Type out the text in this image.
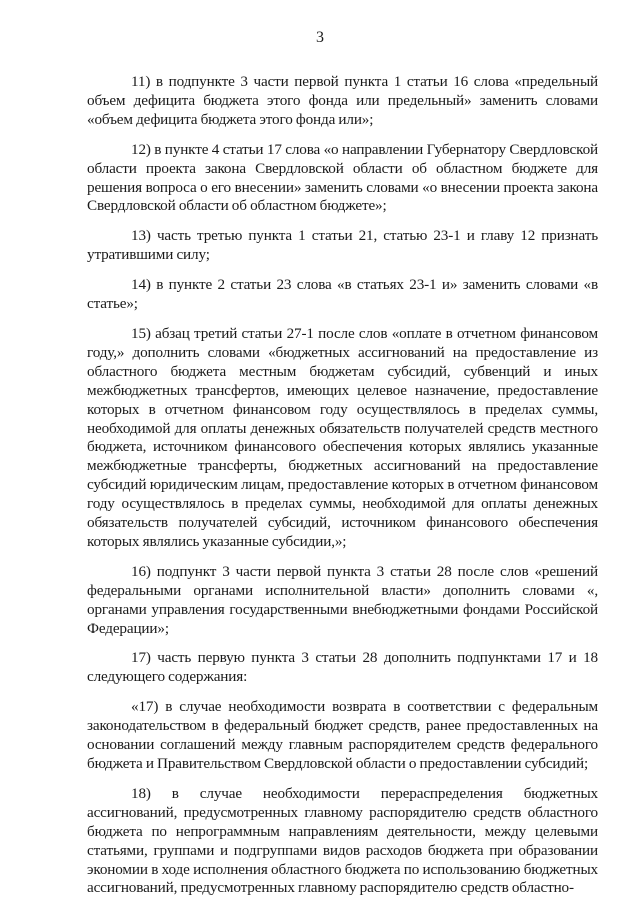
3

11) в подпункте 3 части первой пункта 1 статьи 16 слова «предельный объем дефицита бюджета этого фонда или предельный» заменить словами «объем дефицита бюджета этого фонда или»;

12) в пункте 4 статьи 17 слова «о направлении Губернатору Свердловской области проекта закона Свердловской области об областном бюджете для решения вопроса о его внесении» заменить словами «о внесении проекта закона Свердловской области об областном бюджете»;

13) часть третью пункта 1 статьи 21, статью 23-1 и главу 12 признать утратившими силу;

14) в пункте 2 статьи 23 слова «в статьях 23-1 и» заменить словами «в статье»;

15) абзац третий статьи 27-1 после слов «оплате в отчетном финансовом году,» дополнить словами «бюджетных ассигнований на предоставление из областного бюджета местным бюджетам субсидий, субвенций и иных межбюджетных трансфертов, имеющих целевое назначение, предоставление которых в отчетном финансовом году осуществлялось в пределах суммы, необходимой для оплаты денежных обязательств получателей средств местного бюджета, источником финансового обеспечения которых являлись указанные межбюджетные трансферты, бюджетных ассигнований на предоставление субсидий юридическим лицам, предоставление которых в отчетном финансовом году осуществлялось в пределах суммы, необходимой для оплаты денежных обязательств получателей субсидий, источником финансового обеспечения которых являлись указанные субсидии,»;

16) подпункт 3 части первой пункта 3 статьи 28 после слов «решений федеральными органами исполнительной власти» дополнить словами «, органами управления государственными внебюджетными фондами Российской Федерации»;

17) часть первую пункта 3 статьи 28 дополнить подпунктами 17 и 18 следующего содержания:

«17) в случае необходимости возврата в соответствии с федеральным законодательством в федеральный бюджет средств, ранее предоставленных на основании соглашений между главным распорядителем средств федерального бюджета и Правительством Свердловской области о предоставлении субсидий;

18) в случае необходимости перераспределения бюджетных ассигнований, предусмотренных главному распорядителю средств областного бюджета по непрограммным направлениям деятельности, между целевыми статьями, группами и подгруппами видов расходов бюджета при образовании экономии в ходе исполнения областного бюджета по использованию бюджетных ассигнований, предусмотренных главному распорядителю средств областно-
